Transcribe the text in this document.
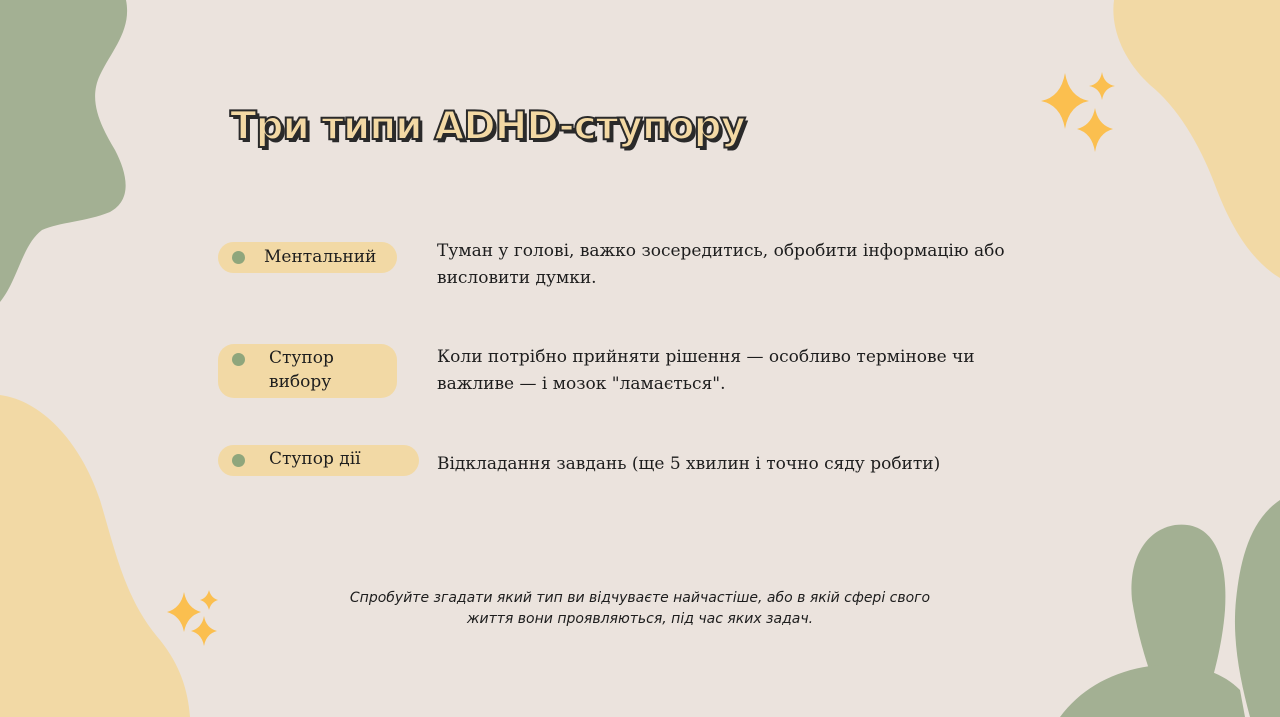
Три типи ADHD-ступору
Ментальний	Туман у голові, важко зосередитись, обробити інформацію або висловити думки.
Ступор вибору
Коли потрібно прийняти рішення — особливо термінове чи важливе — і мозок "ламається".
Ступор дії	Відкладання завдань (ще 5 хвилин і точно сяду робити)
Спробуйте згадати який тип ви відчуваєте найчастіше, або в якій сфері свого життя вони проявляються, під час яких задач.
